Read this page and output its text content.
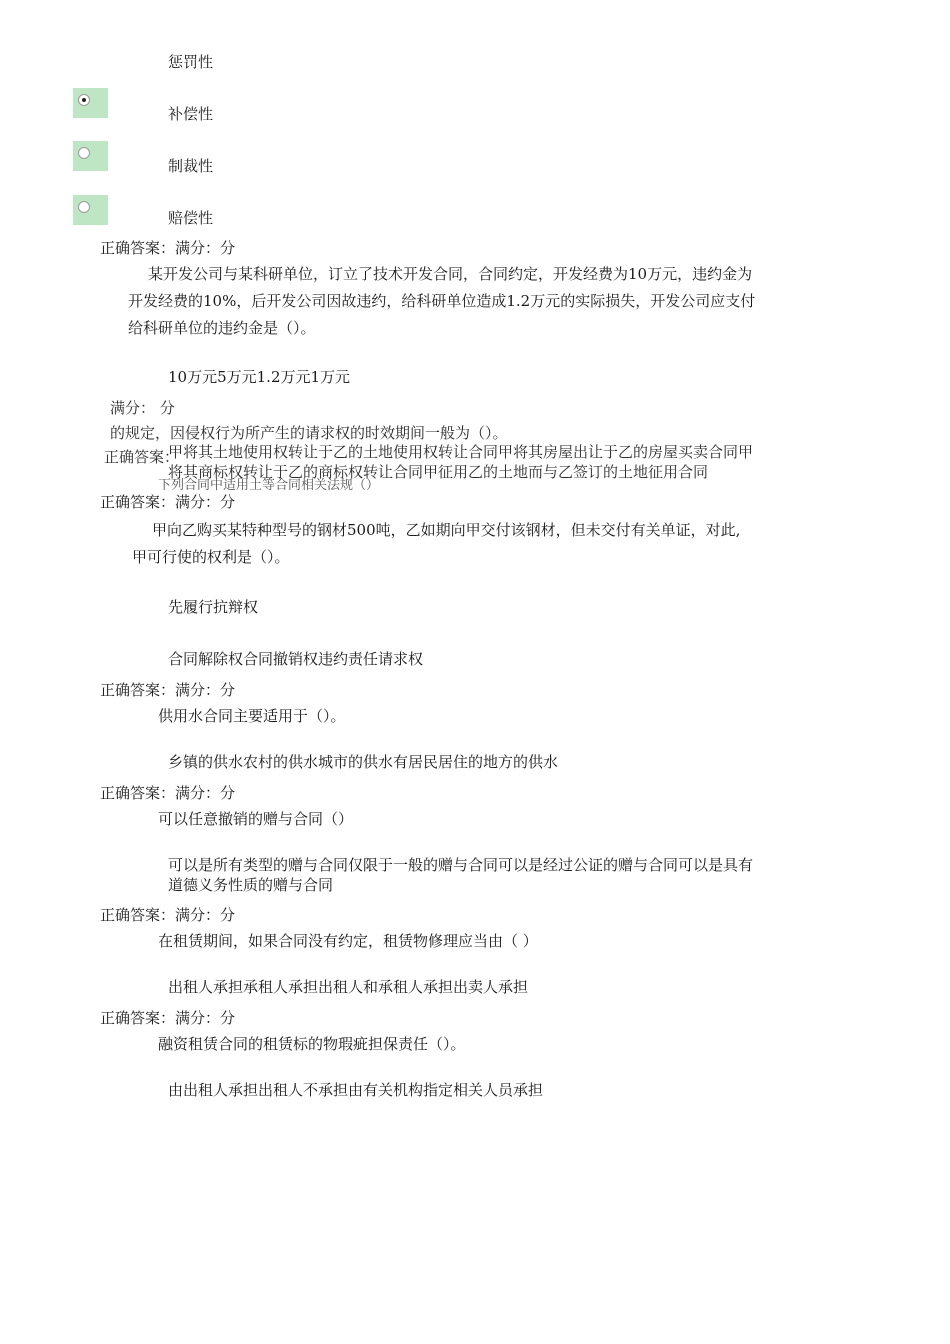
惩罚性
补偿性
制裁性
赔偿性
正确答案：满分：分
某开发公司与某科研单位，订立了技术开发合同，合同约定，开发经费为10万元，违约金为
开发经费的10%，后开发公司因故违约，给科研单位造成1.2万元的实际损失，开发公司应支付
给科研单位的违约金是（）。
10万元5万元1.2万元1万元
满分： 分
的规定，因侵权行为所产生的请求权的时效期间一般为（）。
正确答案：
甲将其土地使用权转让于乙的土地使用权转让合同甲将其房屋出让于乙的房屋买卖合同甲
将其商标权转让于乙的商标权转让合同甲征用乙的土地而与乙签订的土地征用合同
下列合同中适用土等合同相关法规（）
正确答案：满分：分
甲向乙购买某特种型号的钢材500吨，乙如期向甲交付该钢材，但未交付有关单证，对此,
甲可行使的权利是（）。
先履行抗辩权
合同解除权合同撤销权违约责任请求权
正确答案：满分：分
供用水合同主要适用于（）。
乡镇的供水农村的供水城市的供水有居民居住的地方的供水
正确答案：满分：分
可以任意撤销的赠与合同（）
可以是所有类型的赠与合同仅限于一般的赠与合同可以是经过公证的赠与合同可以是具有
道德义务性质的赠与合同
正确答案：满分：分
在租赁期间，如果合同没有约定，租赁物修理应当由（ ）
出租人承担承租人承担出租人和承租人承担出卖人承担
正确答案：满分：分
融资租赁合同的租赁标的物瑕疵担保责任（）。
由出租人承担出租人不承担由有关机构指定相关人员承担
